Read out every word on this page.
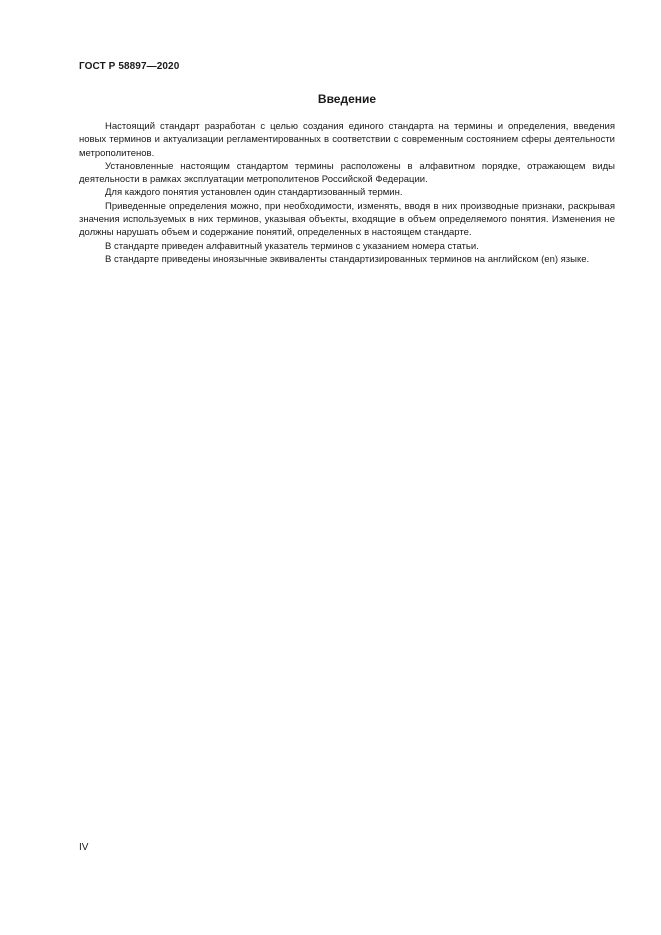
ГОСТ Р 58897—2020
Введение

Настоящий стандарт разработан с целью создания единого стандарта на термины и определения, введения новых терминов и актуализации регламентированных в соответствии с современным состоянием сферы деятельности метрополитенов.

Установленные настоящим стандартом термины расположены в алфавитном порядке, отражающем виды деятельности в рамках эксплуатации метрополитенов Российской Федерации.

Для каждого понятия установлен один стандартизованный термин.

Приведенные определения можно, при необходимости, изменять, вводя в них производные признаки, раскрывая значения используемых в них терминов, указывая объекты, входящие в объем определяемого понятия. Изменения не должны нарушать объем и содержание понятий, определенных в настоящем стандарте.

В стандарте приведен алфавитный указатель терминов с указанием номера статьи.

В стандарте приведены иноязычные эквиваленты стандартизированных терминов на английском (en) языке.

IV
